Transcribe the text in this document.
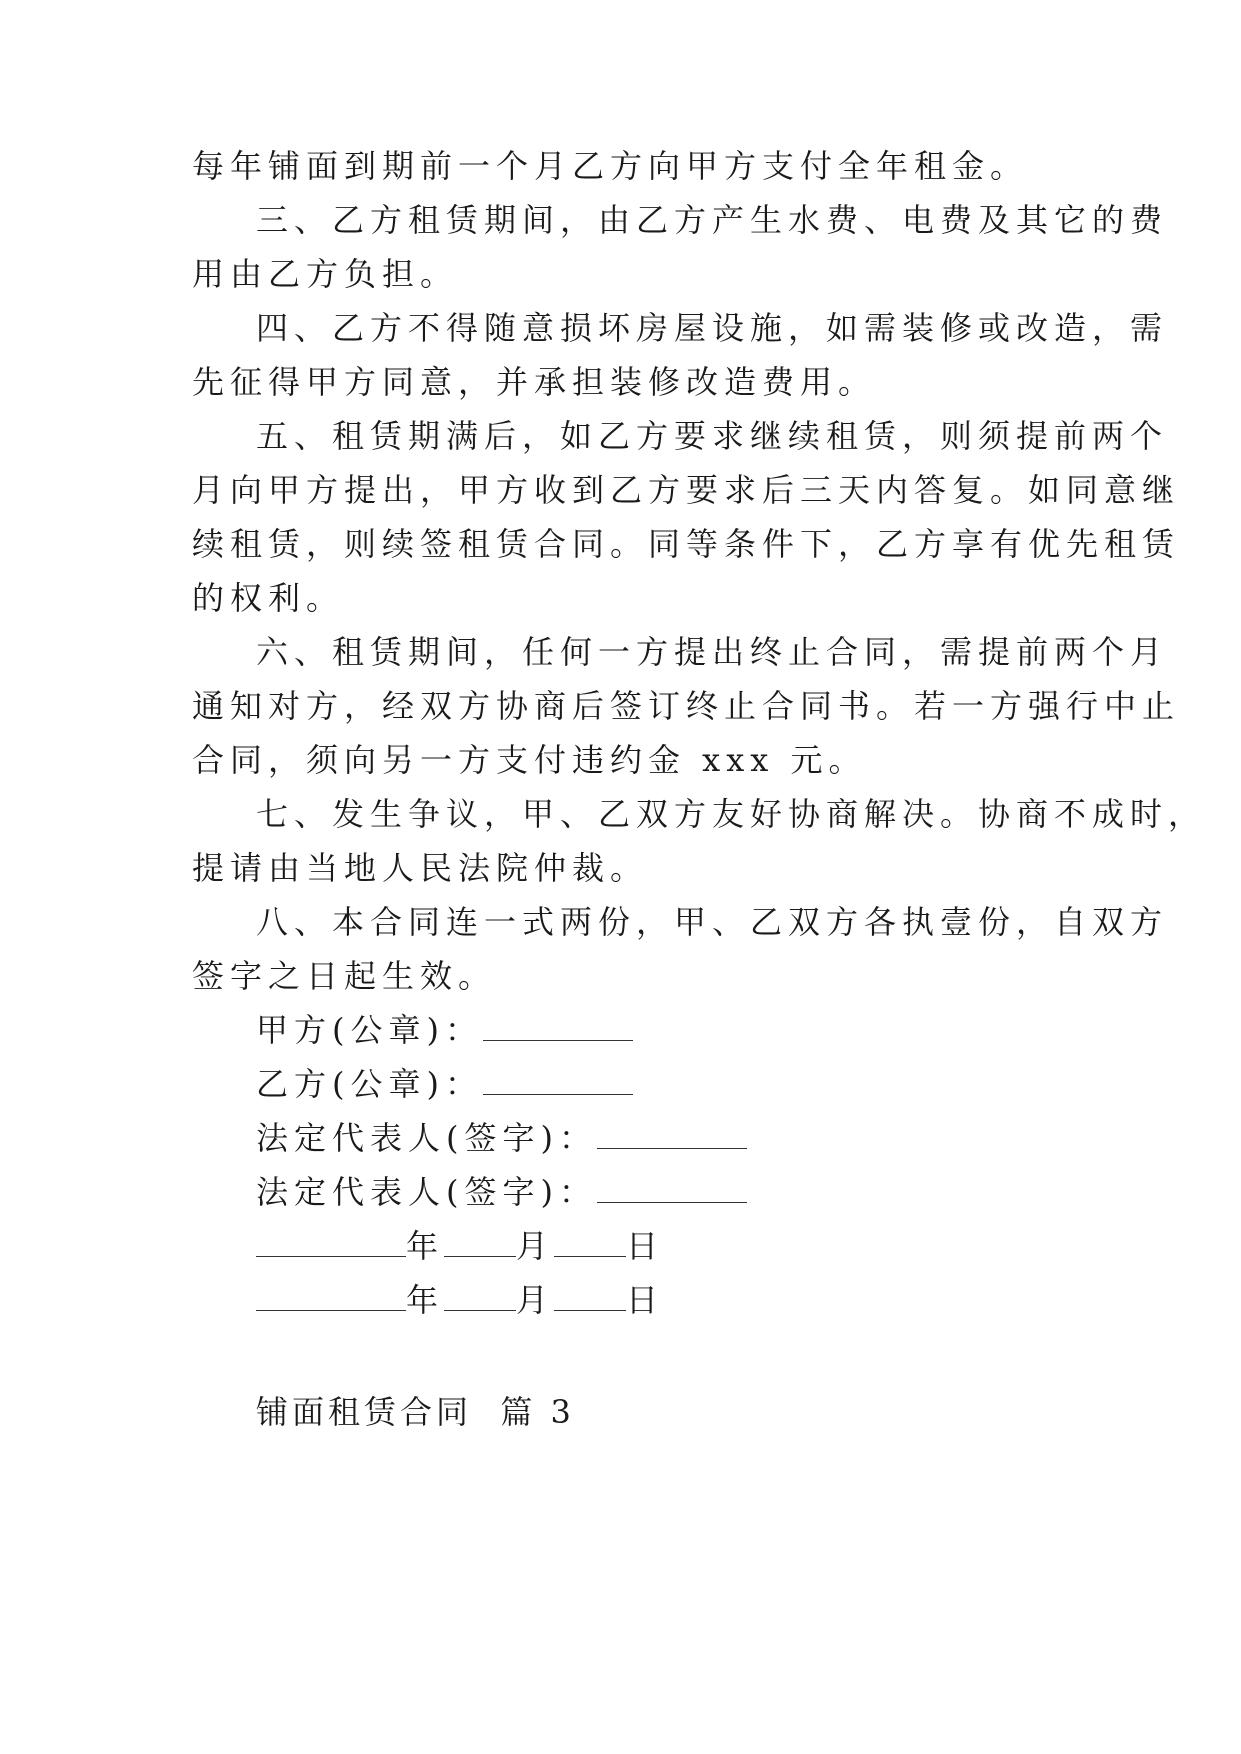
每年铺面到期前一个月乙方向甲方支付全年租金。
三、乙方租赁期间，由乙方产生水费、电费及其它的费
用由乙方负担。
四、乙方不得随意损坏房屋设施，如需装修或改造，需
先征得甲方同意，并承担装修改造费用。
五、租赁期满后，如乙方要求继续租赁，则须提前两个
月向甲方提出，甲方收到乙方要求后三天内答复。如同意继
续租赁，则续签租赁合同。同等条件下，乙方享有优先租赁
的权利。
六、租赁期间，任何一方提出终止合同，需提前两个月
通知对方，经双方协商后签订终止合同书。若一方强行中止
合同，须向另一方支付违约金 xxx 元。
七、发生争议，甲、乙双方友好协商解决。协商不成时，
提请由当地人民法院仲裁。
八、本合同连一式两份，甲、乙双方各执壹份，自双方
签字之日起生效。
甲方(公章)：
乙方(公章)：
法定代表人(签字)：
法定代表人(签字)：
年 月 日
年 月 日
铺面租赁合同  篇 3
